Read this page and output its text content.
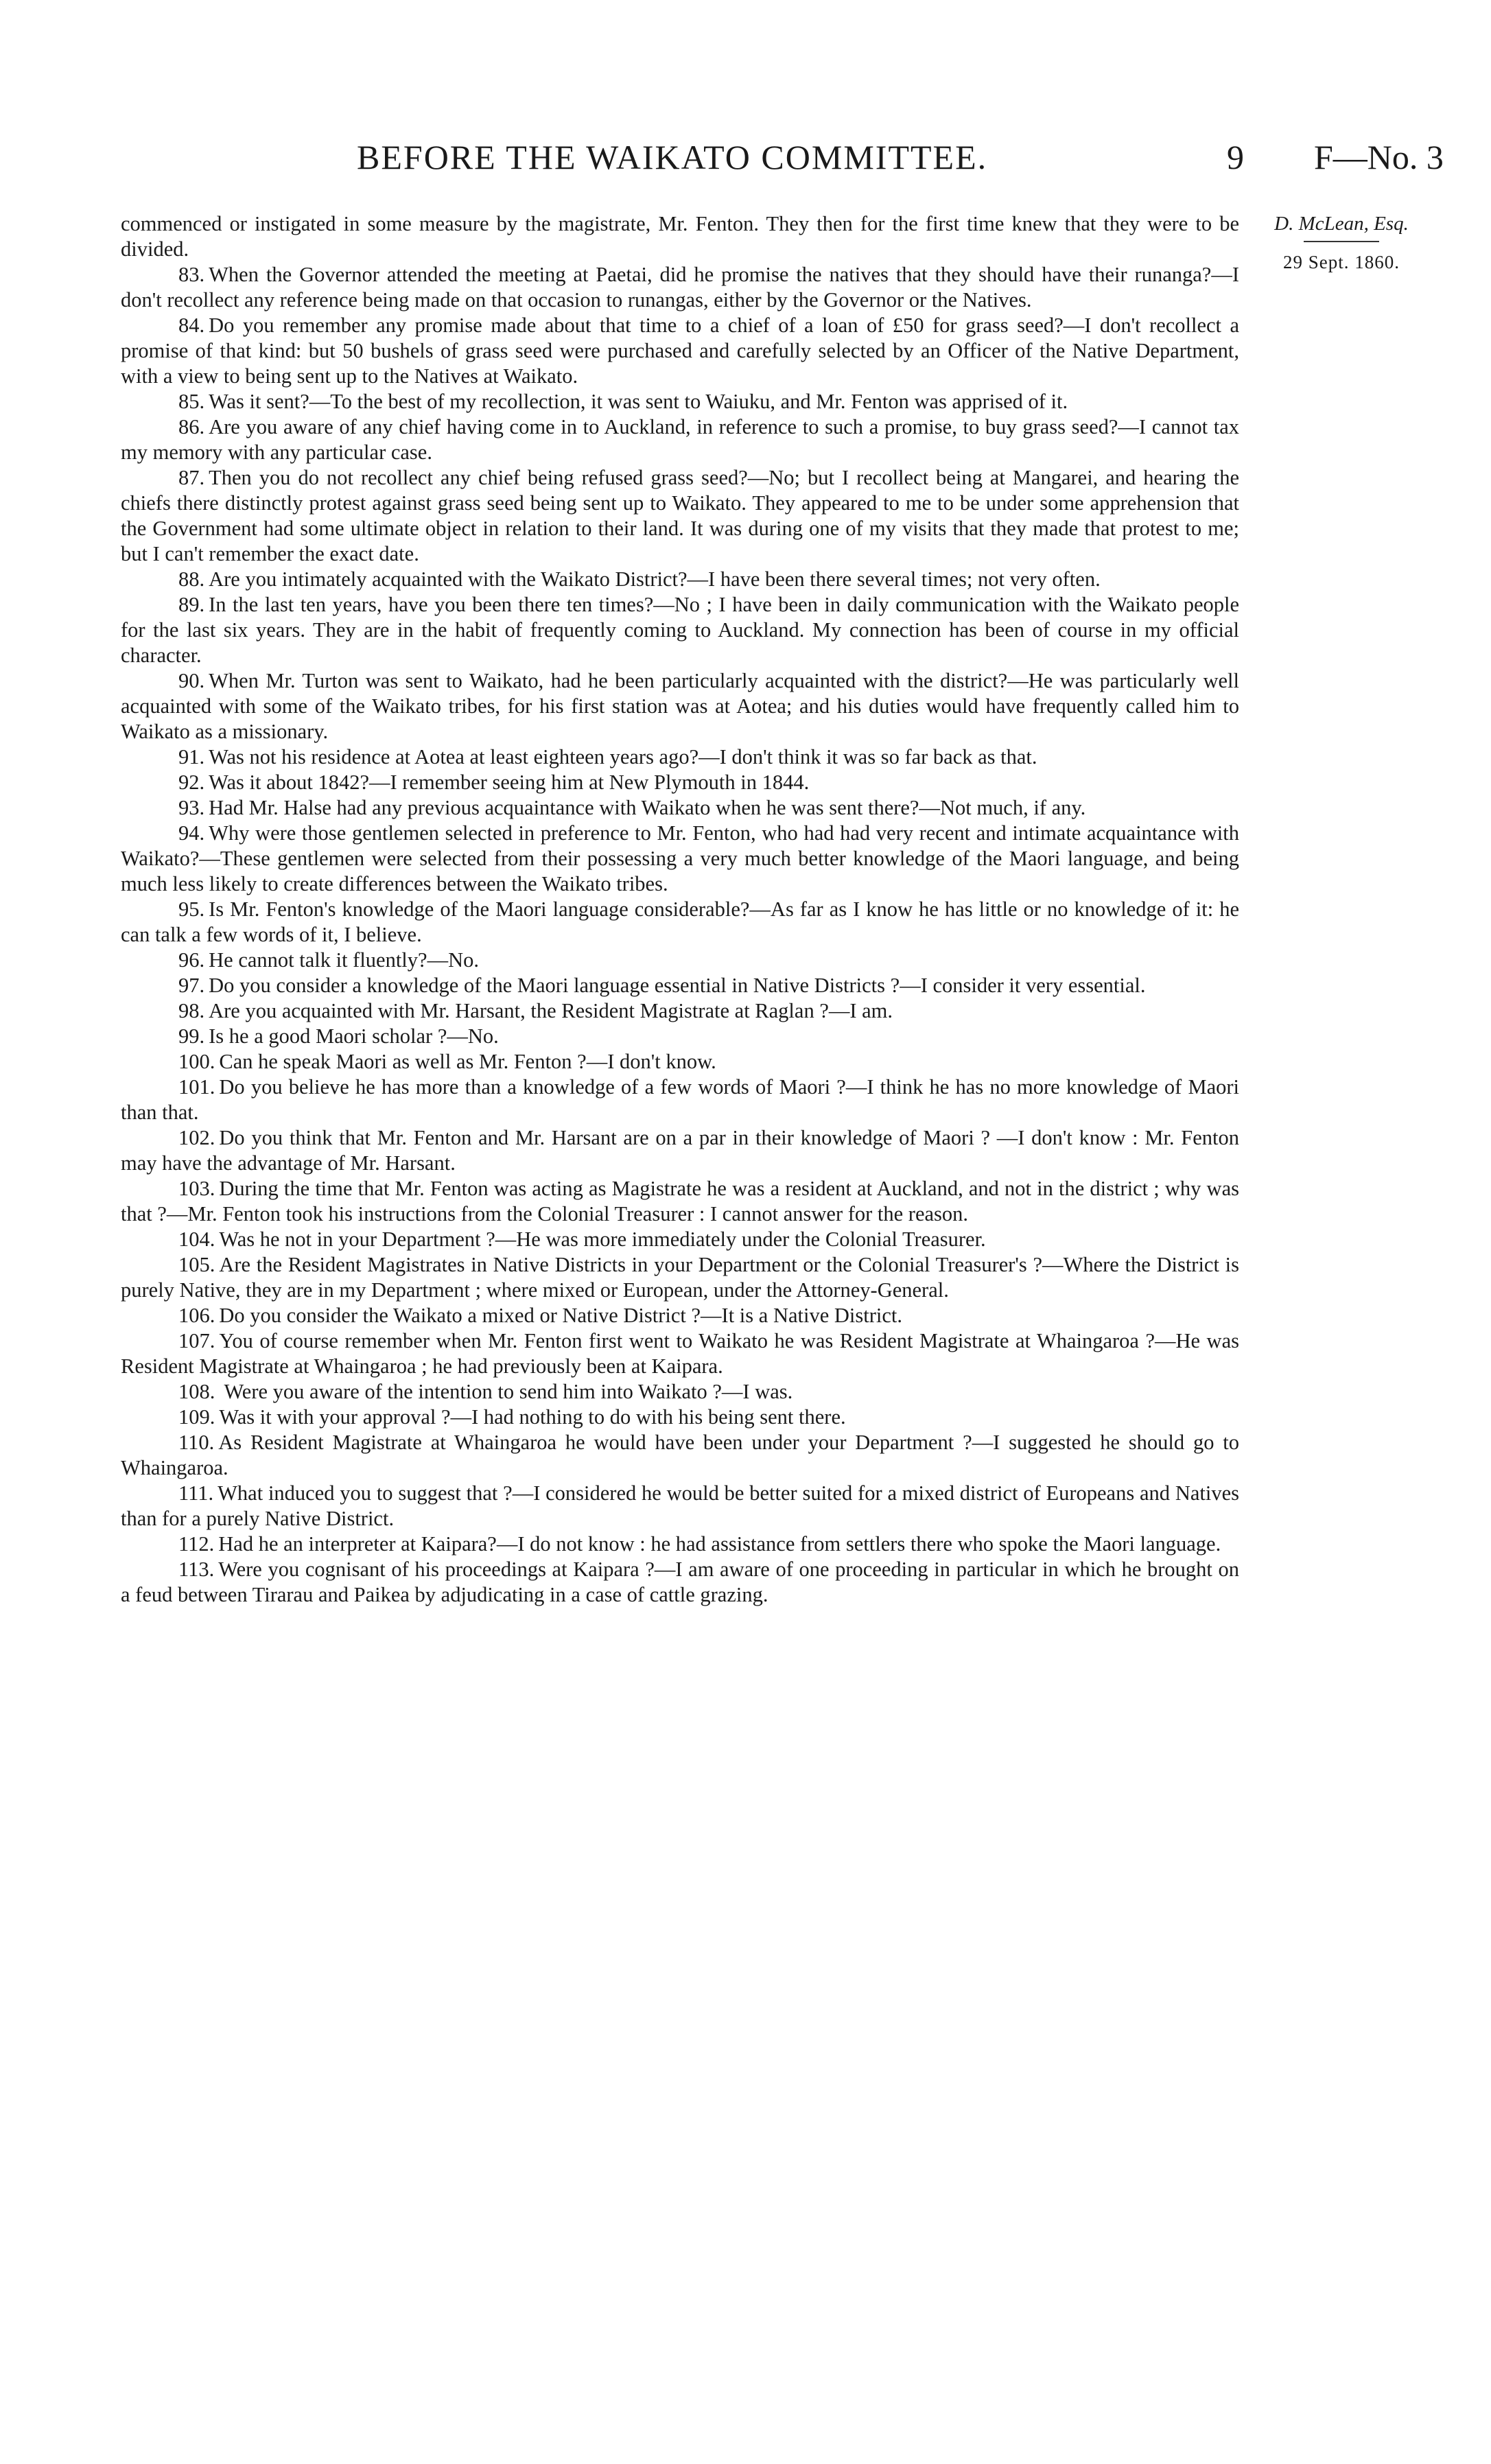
BEFORE THE WAIKATO COMMITTEE.	9 F—No. 3
D. McLean, Esq.
29 Sept. 1860.

commenced or instigated in some measure by the magistrate, Mr. Fenton. They then for the first time knew that they were to be divided.

83. When the Governor attended the meeting at Paetai, did he promise the natives that they should have their runanga?—I don't recollect any reference being made on that occasion to runangas, either by the Governor or the Natives.

84. Do you remember any promise made about that time to a chief of a loan of £50 for grass seed?—I don't recollect a promise of that kind: but 50 bushels of grass seed were purchased and carefully selected by an Officer of the Native Department, with a view to being sent up to the Natives at Waikato.

85. Was it sent?—To the best of my recollection, it was sent to Waiuku, and Mr. Fenton was apprised of it.

86. Are you aware of any chief having come in to Auckland, in reference to such a promise, to buy grass seed?—I cannot tax my memory with any particular case.

87. Then you do not recollect any chief being refused grass seed?—No; but I recollect being at Mangarei, and hearing the chiefs there distinctly protest against grass seed being sent up to Waikato. They appeared to me to be under some apprehension that the Government had some ultimate object in relation to their land. It was during one of my visits that they made that protest to me; but I can't remember the exact date.

88. Are you intimately acquainted with the Waikato District?—I have been there several times; not very often.

89. In the last ten years, have you been there ten times?—No ; I have been in daily communication with the Waikato people for the last six years. They are in the habit of frequently coming to Auckland. My connection has been of course in my official character.

90. When Mr. Turton was sent to Waikato, had he been particularly acquainted with the district?—He was particularly well acquainted with some of the Waikato tribes, for his first station was at Aotea; and his duties would have frequently called him to Waikato as a missionary.

91. Was not his residence at Aotea at least eighteen years ago?—I don't think it was so far back as that.

92. Was it about 1842?—I remember seeing him at New Plymouth in 1844.

93. Had Mr. Halse had any previous acquaintance with Waikato when he was sent there?—Not much, if any.

94. Why were those gentlemen selected in preference to Mr. Fenton, who had had very recent and intimate acquaintance with Waikato?—These gentlemen were selected from their possessing a very much better knowledge of the Maori language, and being much less likely to create differences between the Waikato tribes.

95. Is Mr. Fenton's knowledge of the Maori language considerable?—As far as I know he has little or no knowledge of it: he can talk a few words of it, I believe.

96. He cannot talk it fluently?—No.

97. Do you consider a knowledge of the Maori language essential in Native Districts ?—I consider it very essential.

98. Are you acquainted with Mr. Harsant, the Resident Magistrate at Raglan ?—I am.

99. Is he a good Maori scholar ?—No.

100. Can he speak Maori as well as Mr. Fenton ?—I don't know.

101. Do you believe he has more than a knowledge of a few words of Maori ?—I think he has no more knowledge of Maori than that.

102. Do you think that Mr. Fenton and Mr. Harsant are on a par in their knowledge of Maori ? —I don't know : Mr. Fenton may have the advantage of Mr. Harsant.

103. During the time that Mr. Fenton was acting as Magistrate he was a resident at Auckland, and not in the district ; why was that ?—Mr. Fenton took his instructions from the Colonial Treasurer : I cannot answer for the reason.

104. Was he not in your Department ?—He was more immediately under the Colonial Treasurer.

105. Are the Resident Magistrates in Native Districts in your Department or the Colonial Treasurer's ?—Where the District is purely Native, they are in my Department ; where mixed or European, under the Attorney-General.

106. Do you consider the Waikato a mixed or Native District ?—It is a Native District.

107. You of course remember when Mr. Fenton first went to Waikato he was Resident Magistrate at Whaingaroa ?—He was Resident Magistrate at Whaingaroa ; he had previously been at Kaipara.

108. Were you aware of the intention to send him into Waikato ?—I was.

109. Was it with your approval ?—I had nothing to do with his being sent there.

110. As Resident Magistrate at Whaingaroa he would have been under your Department ?—I suggested he should go to Whaingaroa.

111. What induced you to suggest that ?—I considered he would be better suited for a mixed district of Europeans and Natives than for a purely Native District.

112. Had he an interpreter at Kaipara?—I do not know : he had assistance from settlers there who spoke the Maori language.

113. Were you cognisant of his proceedings at Kaipara ?—I am aware of one proceeding in particular in which he brought on a feud between Tirarau and Paikea by adjudicating in a case of cattle grazing.
